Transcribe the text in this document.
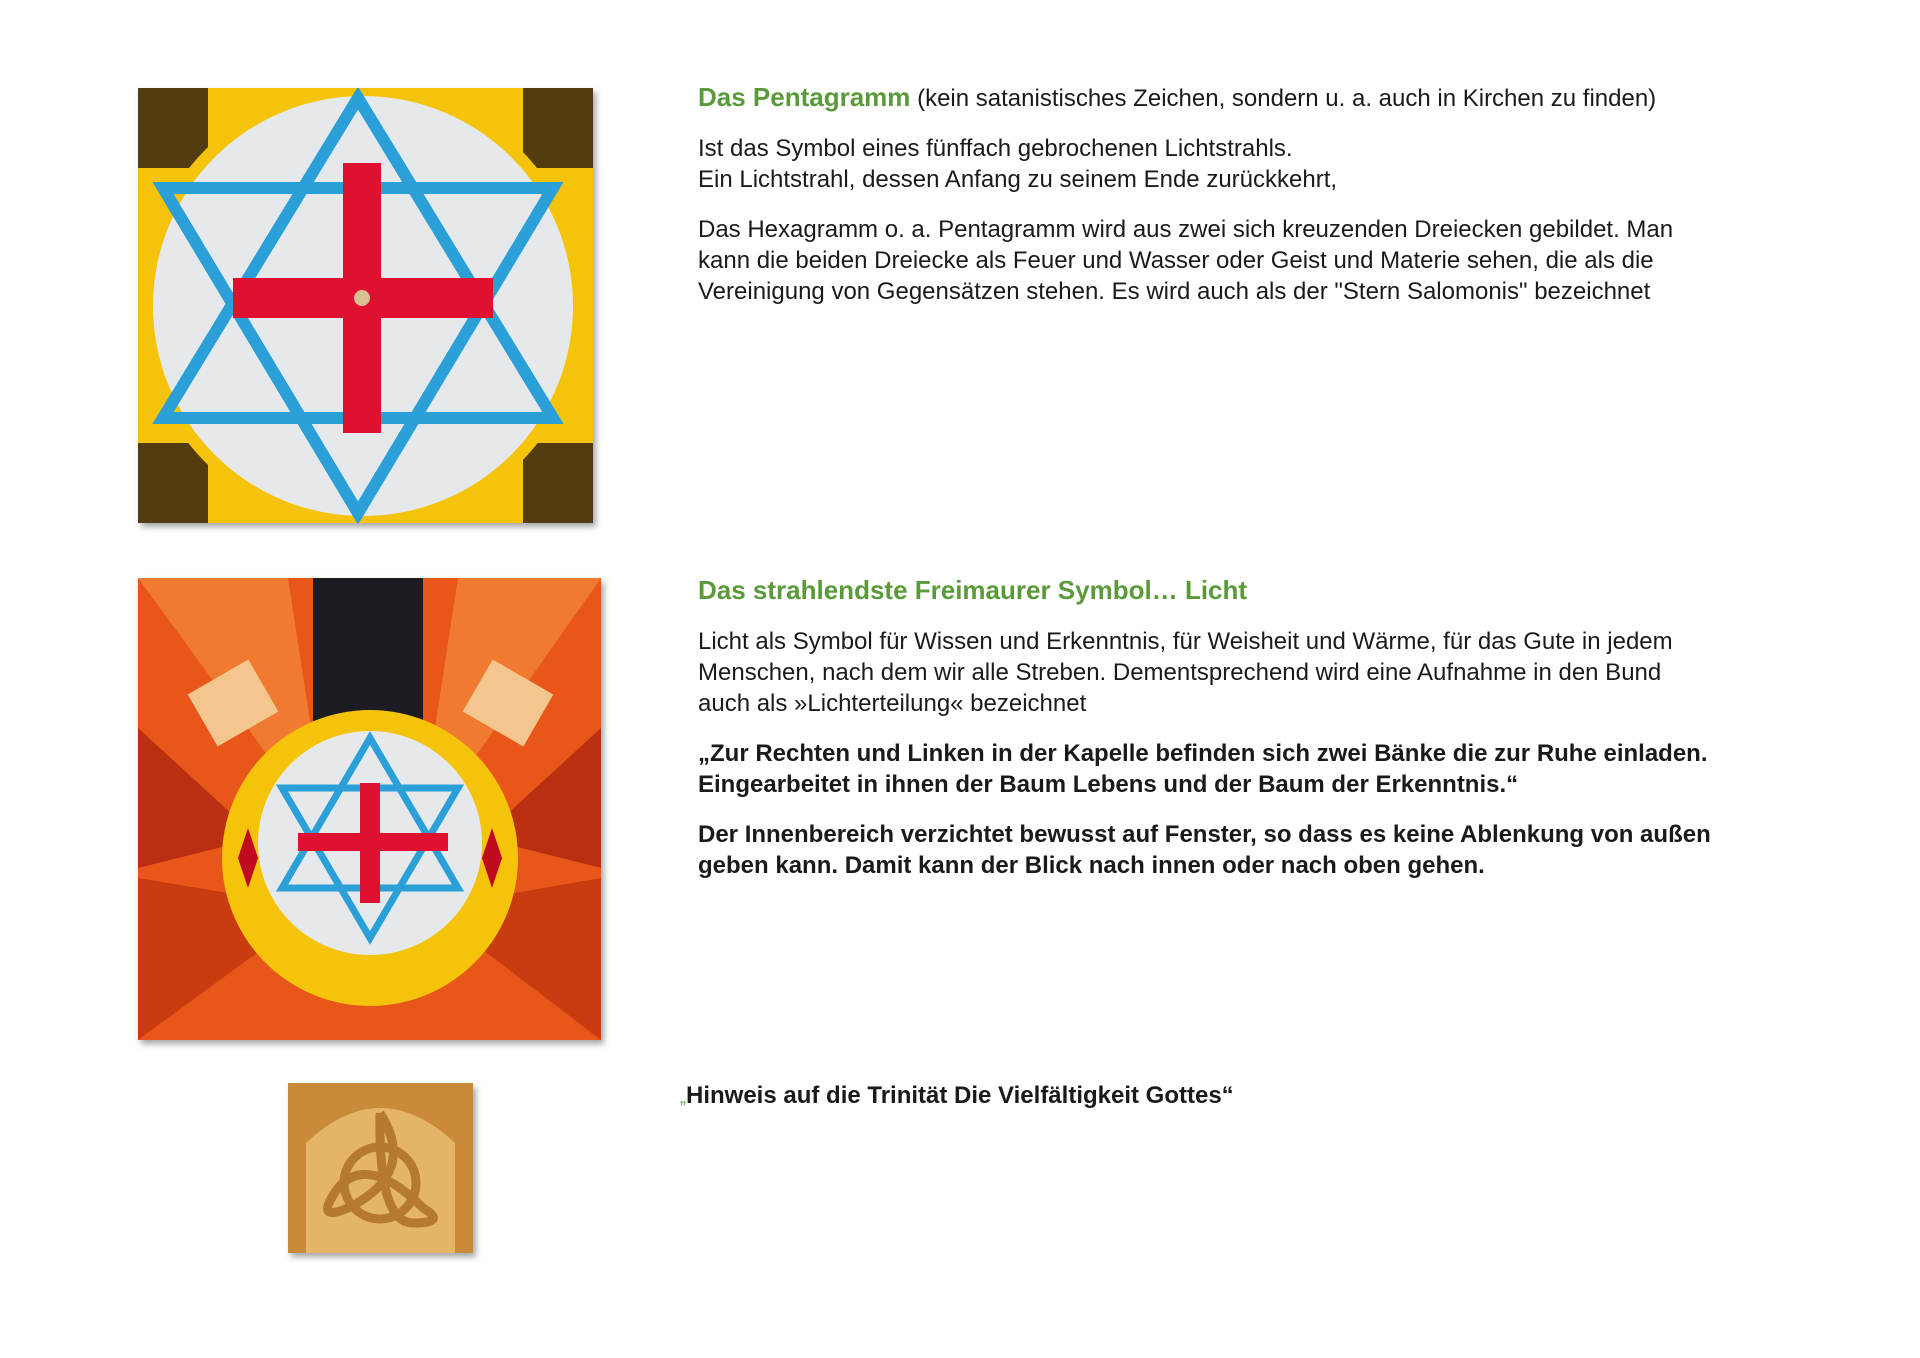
Das Pentagramm (kein satanistisches Zeichen, sondern u. a. auch in Kirchen zu finden)

Ist das Symbol eines fünffach gebrochenen Lichtstrahls.
Ein Lichtstrahl, dessen Anfang zu seinem Ende zurückkehrt,

Das Hexagramm o. a. Pentagramm wird aus zwei sich kreuzenden Dreiecken gebildet. Man
kann die beiden Dreiecke als Feuer und Wasser oder Geist und Materie sehen, die als die
Vereinigung von Gegensätzen stehen. Es wird auch als der "Stern Salomonis" bezeichnet

Das strahlendste Freimaurer Symbol… Licht

Licht als Symbol für Wissen und Erkenntnis, für Weisheit und Wärme, für das Gute in jedem
Menschen, nach dem wir alle Streben. Dementsprechend wird eine Aufnahme in den Bund
auch als »Lichterteilung« bezeichnet

„Zur Rechten und Linken in der Kapelle befinden sich zwei Bänke die zur Ruhe einladen.
Eingearbeitet in ihnen der Baum Lebens und der Baum der Erkenntnis.“

Der Innenbereich verzichtet bewusst auf Fenster, so dass es keine Ablenkung von außen
geben kann. Damit kann der Blick nach innen oder nach oben gehen.

„Hinweis auf die Trinität Die Vielfältigkeit Gottes“
